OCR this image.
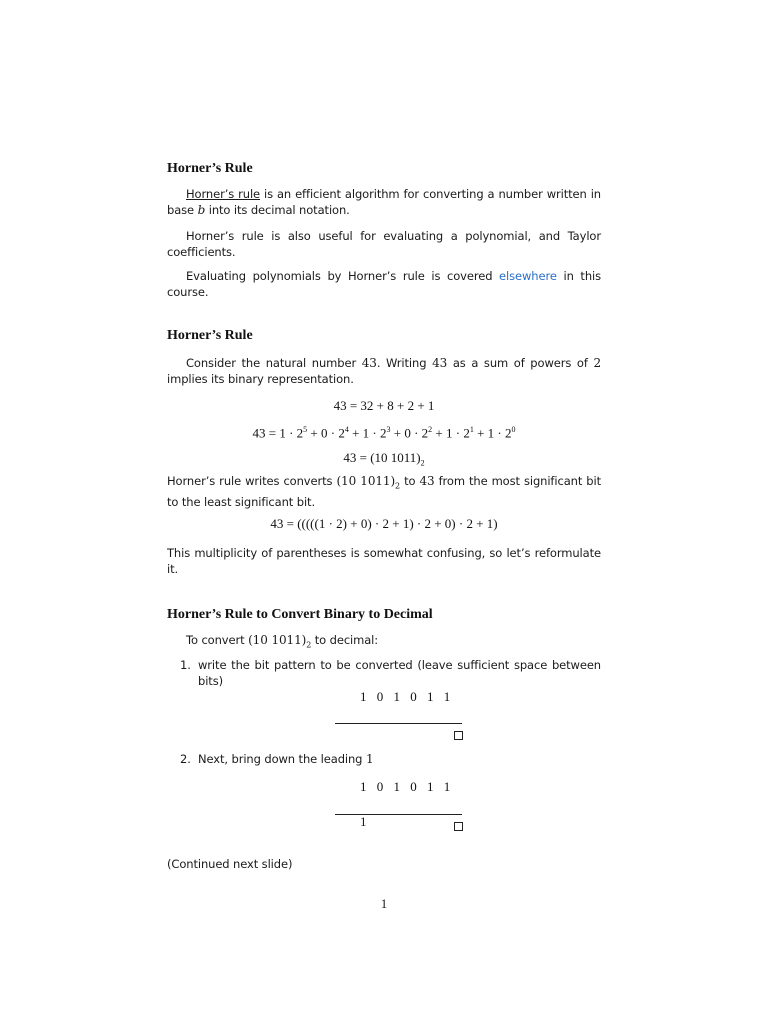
Horner’s Rule

Horner’s rule is an efficient algorithm for converting a number written in base b into its decimal notation.

Horner’s rule is also useful for evaluating a polynomial, and Taylor coefficients.

Evaluating polynomials by Horner’s rule is covered elsewhere in this course.

Horner’s Rule

Consider the natural number 43. Writing 43 as a sum of powers of 2 implies its binary representation.

43 = 32 + 8 + 2 + 1

$43 = 1 \cdot 2^5 + 0 \cdot 2^4 + 1 \cdot 2^3 + 0 \cdot 2^2 + 1 \cdot 2^1 + 1 \cdot 2^0$

43 = (10 $1011)_2$

Horner’s rule writes converts (10 $1011)_2$ to 43 from the most significant bit to the least significant bit.

43 = (((((1 · 2) + 0) · 2 + 1) · 2 + 0) · 2 + 1)

This multiplicity of parentheses is somewhat confusing, so let’s reformulate it.

Horner’s Rule to Convert Binary to Decimal

To convert (10 $1011)_2$ to decimal:

1. write the bit pattern to be converted (leave sufficient space between bits)
1 0 1 0 1 1
2. Next, bring down the leading 1
1 0 1 0 1 1
1

(Continued next slide)

1
